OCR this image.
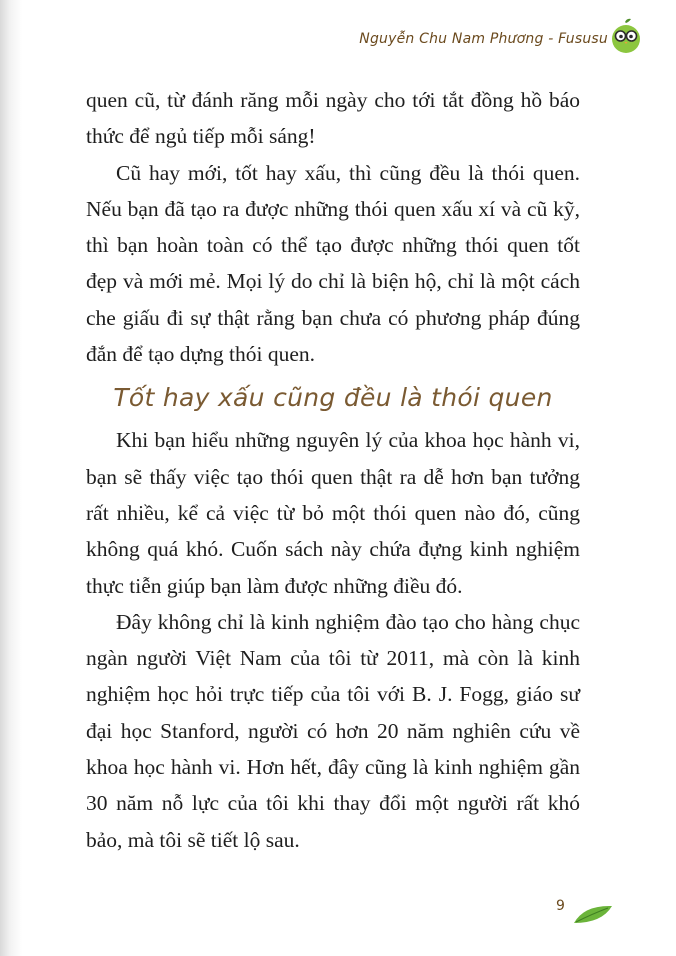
Nguyễn Chu Nam Phương - Fususu

quen cũ, từ đánh răng mỗi ngày cho tới tắt đồng hồ báo thức để ngủ tiếp mỗi sáng!

Cũ hay mới, tốt hay xấu, thì cũng đều là thói quen. Nếu bạn đã tạo ra được những thói quen xấu xí và cũ kỹ, thì bạn hoàn toàn có thể tạo được những thói quen tốt đẹp và mới mẻ. Mọi lý do chỉ là biện hộ, chỉ là một cách che giấu đi sự thật rằng bạn chưa có phương pháp đúng đắn để tạo dựng thói quen.

Tốt hay xấu cũng đều là thói quen

Khi bạn hiểu những nguyên lý của khoa học hành vi, bạn sẽ thấy việc tạo thói quen thật ra dễ hơn bạn tưởng rất nhiều, kể cả việc từ bỏ một thói quen nào đó, cũng không quá khó. Cuốn sách này chứa đựng kinh nghiệm thực tiễn giúp bạn làm được những điều đó.

Đây không chỉ là kinh nghiệm đào tạo cho hàng chục ngàn người Việt Nam của tôi từ 2011, mà còn là kinh nghiệm học hỏi trực tiếp của tôi với B. J. Fogg, giáo sư đại học Stanford, người có hơn 20 năm nghiên cứu về khoa học hành vi. Hơn hết, đây cũng là kinh nghiệm gần 30 năm nỗ lực của tôi khi thay đổi một người rất khó bảo, mà tôi sẽ tiết lộ sau.

9
